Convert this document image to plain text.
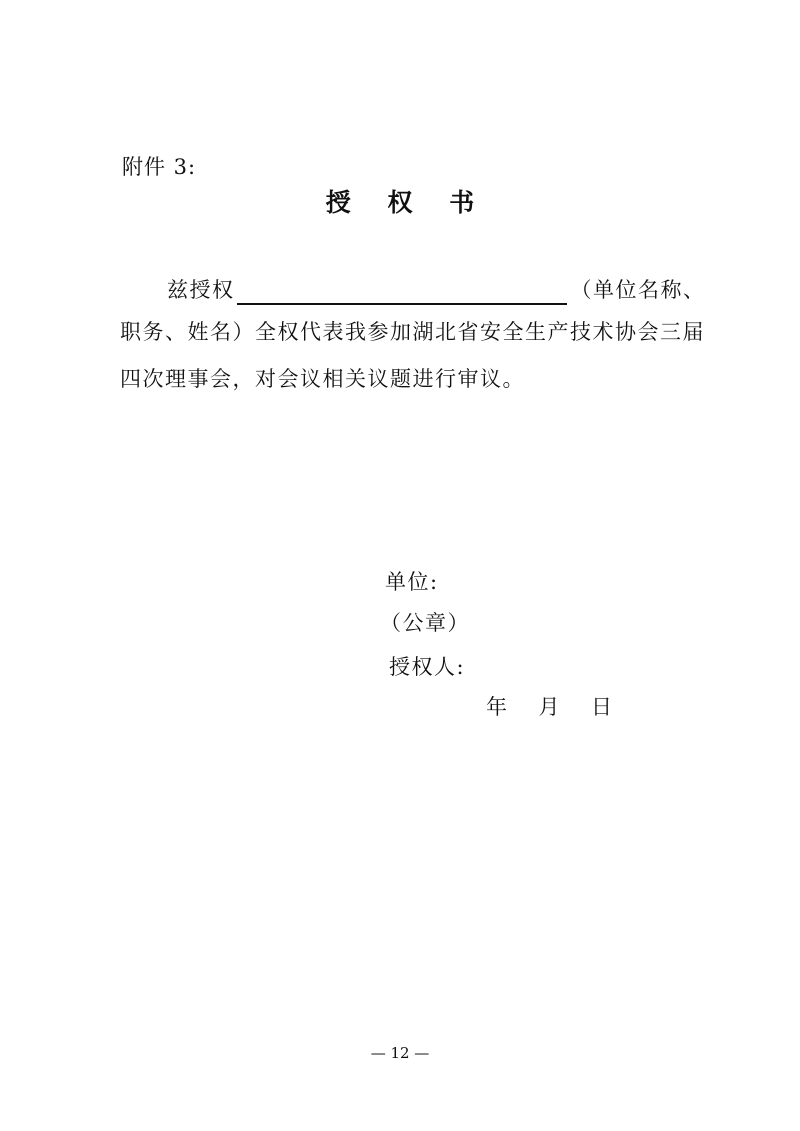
附件 3:
授 权 书
兹授权	（单位名称、
职务、姓名）全权代表我参加湖北省安全生产技术协会三届
四次理事会，对会议相关议题进行审议。
单位:
（公章）
授权人:
年 月 日
— 12 —
